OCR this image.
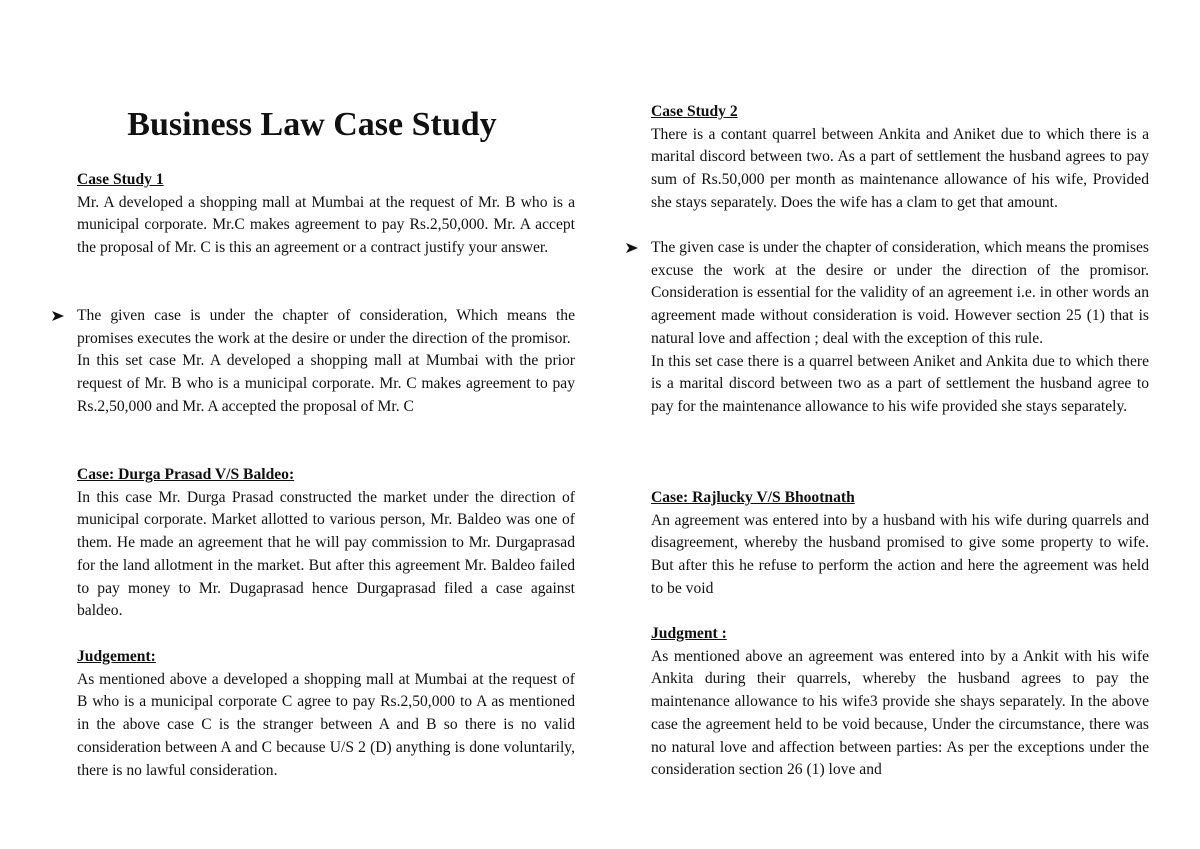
Business Law Case Study

Case Study 1

Mr. A developed a shopping mall at Mumbai at the request of Mr. B who is a municipal corporate. Mr.C makes agreement to pay Rs.2,50,000. Mr. A accept the proposal of Mr. C is this an agreement or a contract justify your answer.

The given case is under the chapter of consideration, Which means the promises executes the work at the desire or under the direction of the promisor.

In this set case Mr. A developed a shopping mall at Mumbai with the prior request of Mr. B who is a municipal corporate. Mr. C makes agreement to pay Rs.2,50,000 and Mr. A accepted the proposal of Mr. C

Case: Durga Prasad V/S Baldeo:

In this case Mr. Durga Prasad constructed the market under the direction of municipal corporate. Market allotted to various person, Mr. Baldeo was one of them. He made an agreement that he will pay commission to Mr. Durgaprasad for the land allotment in the market. But after this agreement Mr. Baldeo failed to pay money to Mr. Dugaprasad hence Durgaprasad filed a case against baldeo.

Judgement:

As mentioned above a developed a shopping mall at Mumbai at the request of B who is a municipal corporate C agree to pay Rs.2,50,000 to A as mentioned in the above case C is the stranger between A and B so there is no valid consideration between A and C because U/S 2 (D) anything is done voluntarily, there is no lawful consideration.

Case Study 2

There is a contant quarrel between Ankita and Aniket due to which there is a marital discord between two. As a part of settlement the husband agrees to pay sum of Rs.50,000 per month as maintenance allowance of his wife, Provided she stays separately. Does the wife has a clam to get that amount.

The given case is under the chapter of consideration, which means the promises excuse the work at the desire or under the direction of the promisor. Consideration is essential for the validity of an agreement i.e. in other words an agreement made without consideration is void. However section 25 (1) that is natural love and affection ; deal with the exception of this rule.

In this set case there is a quarrel between Aniket and Ankita due to which there is a marital discord between two as a part of settlement the husband agree to pay for the maintenance allowance to his wife provided she stays separately.

Case: Rajlucky V/S Bhootnath

An agreement was entered into by a husband with his wife during quarrels and disagreement, whereby the husband promised to give some property to wife. But after this he refuse to perform the action and here the agreement was held to be void

Judgment :

As mentioned above an agreement was entered into by a Ankit with his wife Ankita during their quarrels, whereby the husband agrees to pay the maintenance allowance to his wife3 provide she shays separately. In the above case the agreement held to be void because, Under the circumstance, there was no natural love and affection between parties: As per the exceptions under the consideration section 26 (1) love and
